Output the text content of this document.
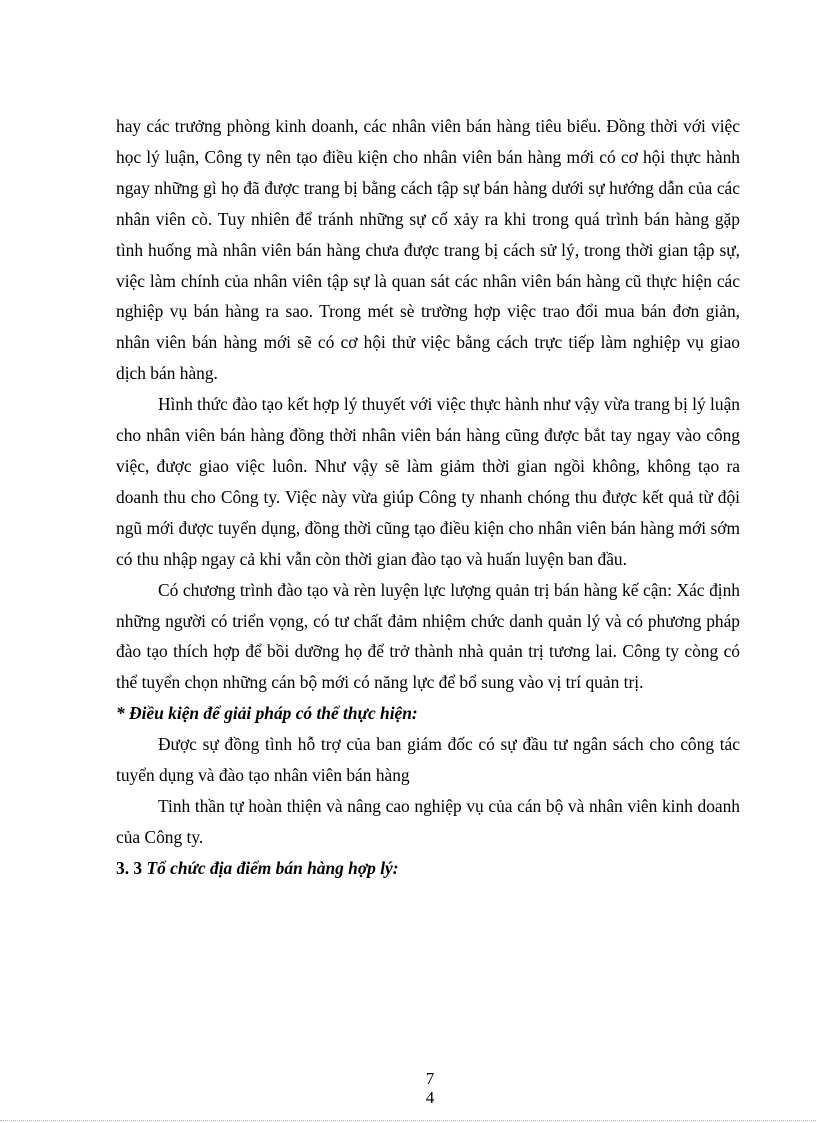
hay các trưởng phòng kinh doanh, các nhân viên bán hàng tiêu biểu. Đồng thời với việc học lý luận, Công ty nên tạo điều kiện cho nhân viên bán hàng mới có cơ hội thực hành ngay những gì họ đã được trang bị bằng cách tập sự bán hàng dưới sự hướng dẫn của các nhân viên cò. Tuy nhiên để tránh những sự cố xảy ra khi trong quá trình bán hàng gặp tình huống mà nhân viên bán hàng chưa được trang bị cách sử lý, trong thời gian tập sự, việc làm chính của nhân viên tập sự là quan sát các nhân viên bán hàng cũ thực hiện các nghiệp vụ bán hàng ra sao. Trong mét sè trường hợp việc trao đổi mua bán đơn giản, nhân viên bán hàng mới sẽ có cơ hội thử việc bằng cách trực tiếp làm nghiệp vụ giao dịch bán hàng.

Hình thức đào tạo kết hợp lý thuyết với việc thực hành như vậy vừa trang bị lý luận cho nhân viên bán hàng đồng thời nhân viên bán hàng cũng được bắt tay ngay vào công việc, được giao việc luôn. Như vậy sẽ làm giảm thời gian ngồi không, không tạo ra doanh thu cho Công ty. Việc này vừa giúp Công ty nhanh chóng thu được kết quả từ đội ngũ mới được tuyển dụng, đồng thời cũng tạo điều kiện cho nhân viên bán hàng mới sớm có thu nhập ngay cả khi vẫn còn thời gian đào tạo và huấn luyện ban đầu.

Có chương trình đào tạo và rèn luyện lực lượng quản trị bán hàng kế cận: Xác định những người có triển vọng, có tư chất đảm nhiệm chức danh quản lý và có phương pháp đào tạo thích hợp để bồi dưỡng họ để trở thành nhà quản trị tương lai. Công ty còng có thể tuyển chọn những cán bộ mới có năng lực để bổ sung vào vị trí quản trị.

* Điều kiện để giải pháp có thể thực hiện:

Được sự đồng tình hỗ trợ của ban giám đốc có sự đầu tư ngân sách cho công tác tuyển dụng và đào tạo nhân viên bán hàng

Tinh thần tự hoàn thiện và nâng cao nghiệp vụ của cán bộ và nhân viên kinh doanh của Công ty.

3. 3 Tổ chức địa điểm bán hàng hợp lý:

7
4
